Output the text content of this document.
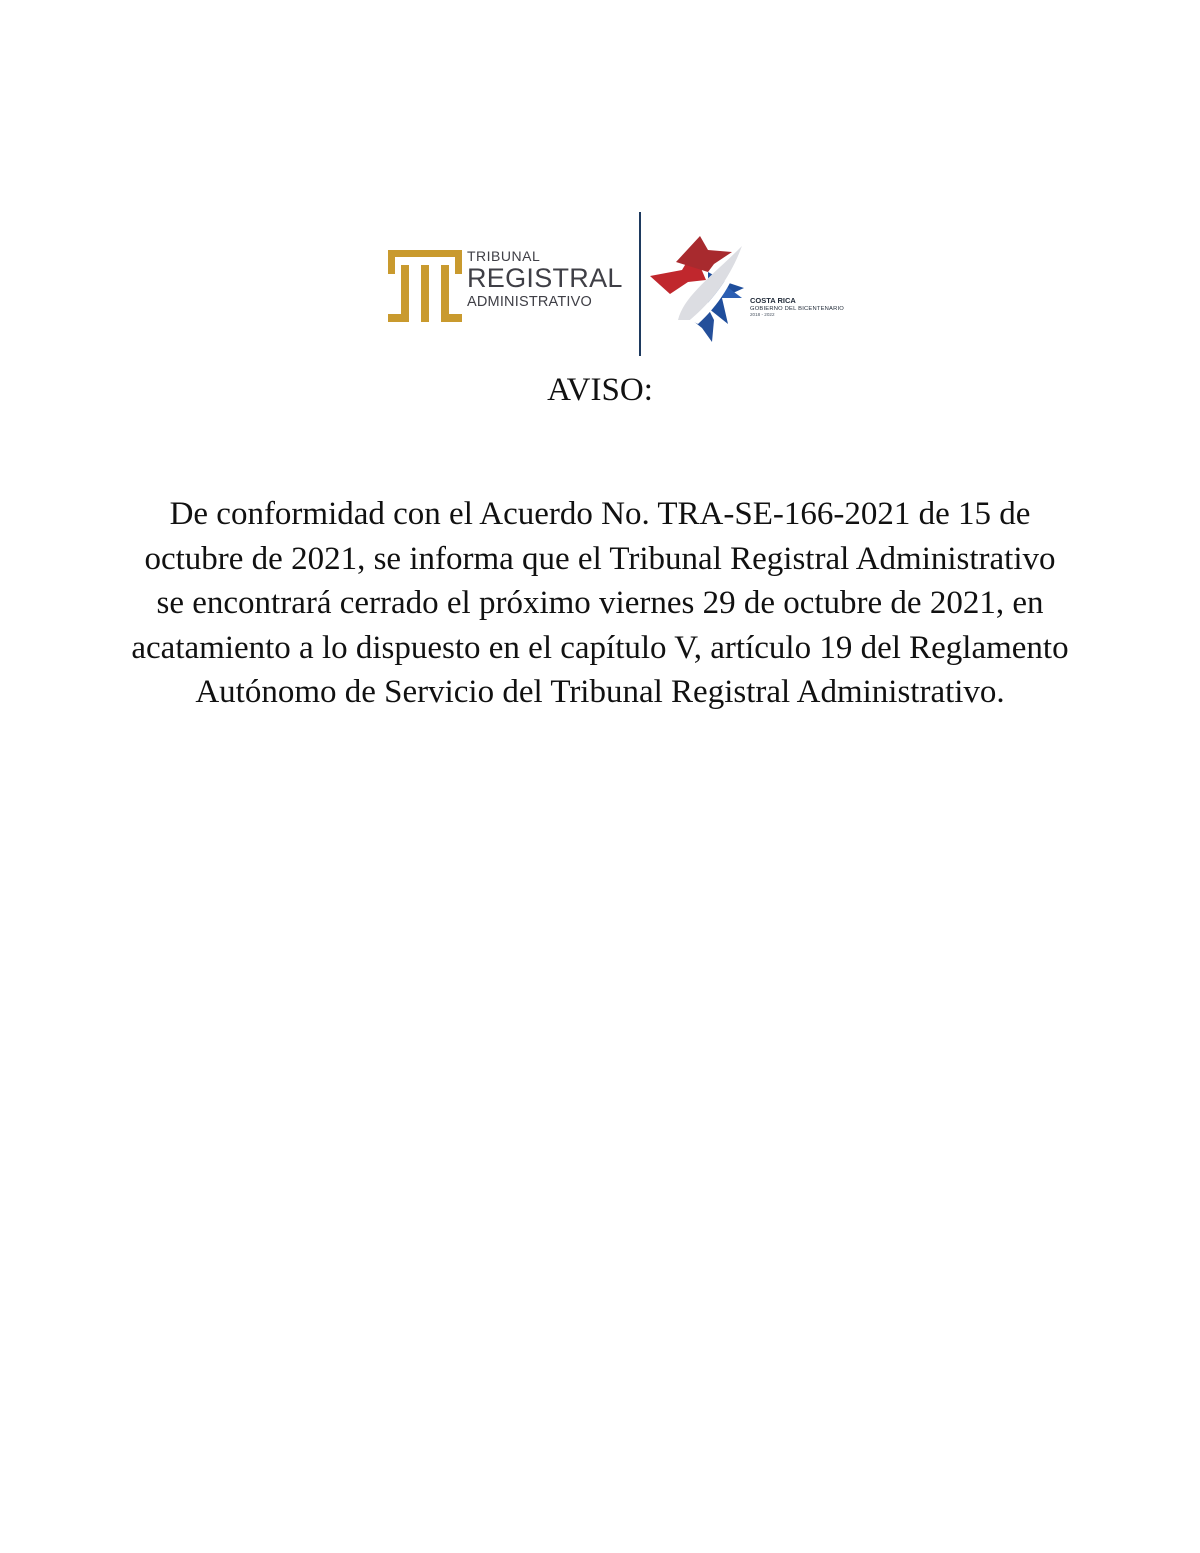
TRIBUNAL
REGISTRAL
ADMINISTRATIVO	COSTA RICA
GOBIERNO DEL BICENTENARIO
2018 - 2022
AVISO:

De conformidad con el Acuerdo No. TRA-SE-166-2021 de 15 de octubre de 2021, se informa que el Tribunal Registral Administrativo se encontrará cerrado el próximo viernes 29 de octubre de 2021, en acatamiento a lo dispuesto en el capítulo V, artículo 19 del Reglamento Autónomo de Servicio del Tribunal Registral Administrativo.
